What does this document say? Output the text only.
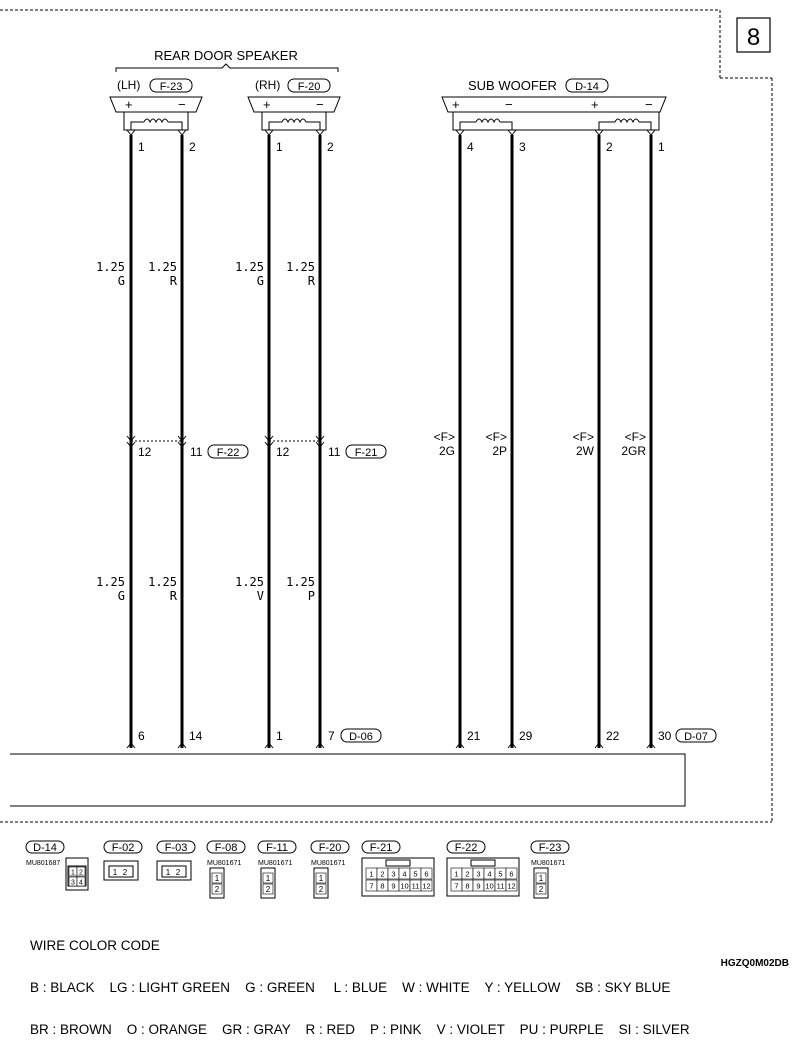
8
REAR DOOR SPEAKER
(LH) F-23
+	−
(RH) F-20
+	−
SUB WOOFER D-14
+	−	+	−
1	2	1	2	4	3	2	1
1.25
G
1.25
R
1.25
G
1.25
R
12	11 F-22	12	11 F-21
<F>
2G
<F>
2P
<F>
2W
<F>
2GR
1.25
G
1.25
R
1.25
V
1.25
P
6	14	1	7 D-06	21	29	22	30 D-07
D-14
MU801687
1 2
3 4
F-02
1 2
F-03
1 2
F-08
MU801671
1
2
F-11
MU801671
1
2
F-20
MU801671
1
2
F-21
1 2 3 4 5 6
7 8 9 10 11 12
F-22
1 2 3 4 5 6
7 8 9 10 11 12
F-23
MU801671
1
2

WIRE COLOR CODE

B : BLACK    LG : LIGHT GREEN    G : GREEN     L : BLUE    W : WHITE    Y : YELLOW    SB : SKY BLUE

BR : BROWN    O : ORANGE    GR : GRAY    R : RED    P : PINK    V : VIOLET    PU : PURPLE    SI : SILVER

HGZQ0M02DB
